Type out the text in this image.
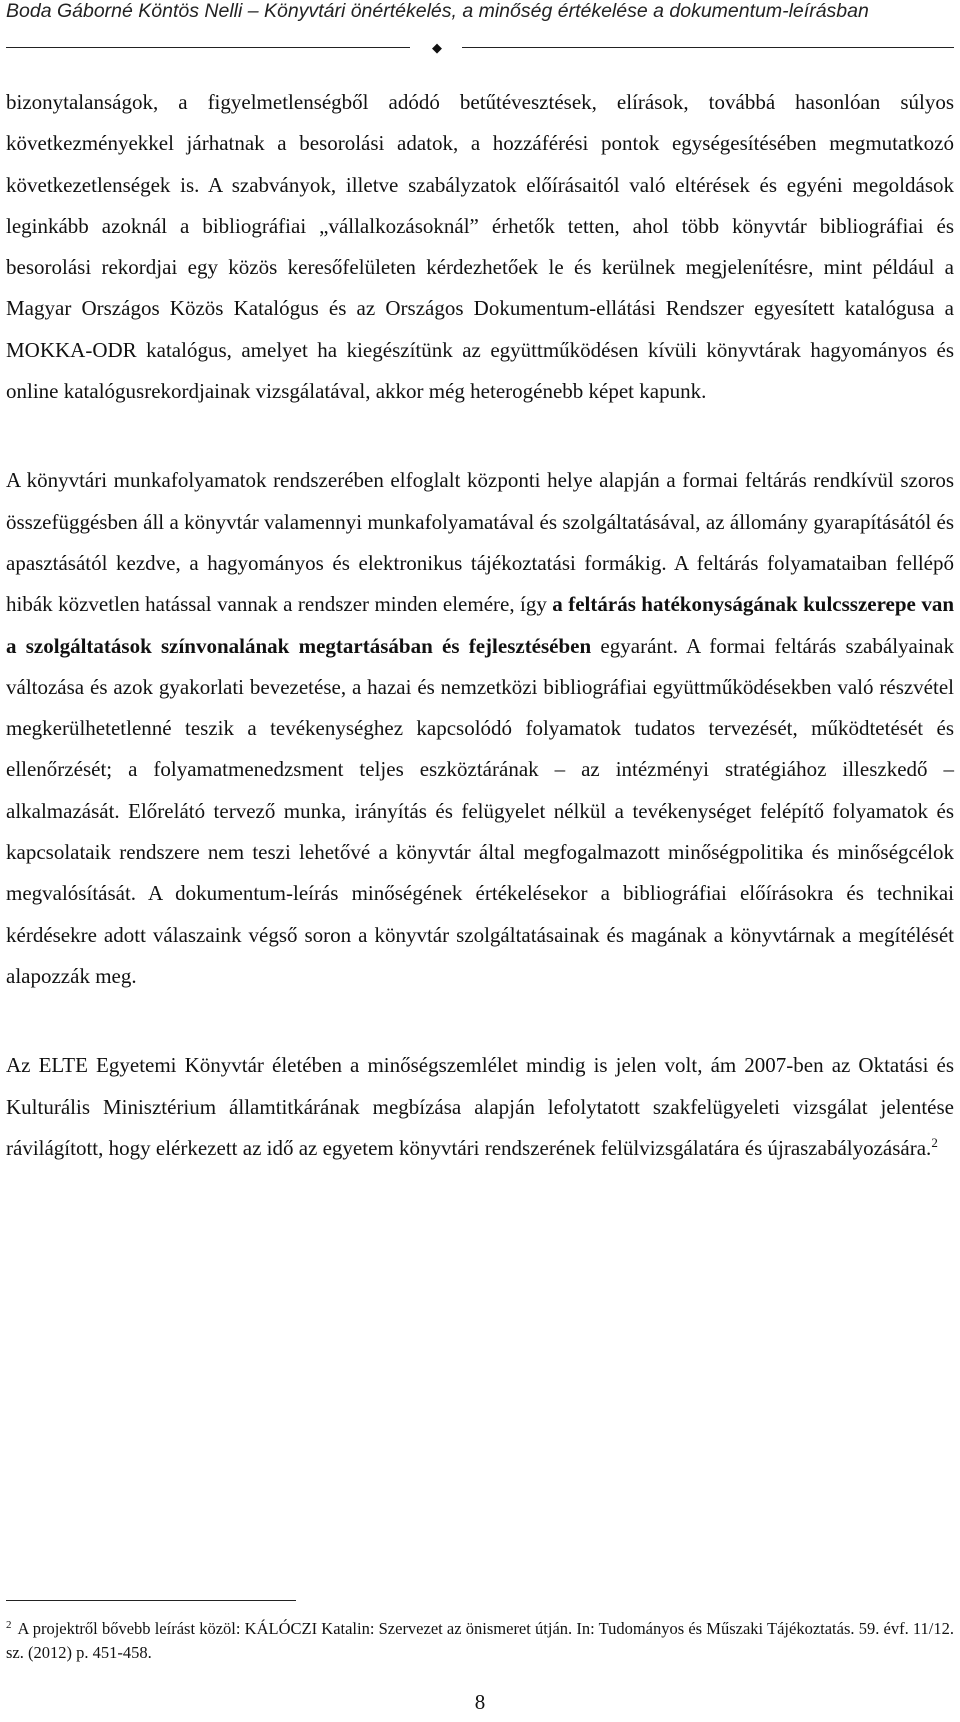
Boda Gáborné Köntös Nelli – Könyvtári önértékelés, a minőség értékelése a dokumentum-leírásban
◆

bizonytalanságok, a figyelmetlenségből adódó betűtévesztések, elírások, továbbá hasonlóan súlyos következményekkel járhatnak a besorolási adatok, a hozzáférési pontok egységesítésében megmutatkozó következetlenségek is. A szabványok, illetve szabályzatok előírásaitól való eltérések és egyéni megoldások leginkább azoknál a bibliográfiai „vállalkozásoknál” érhetők tetten, ahol több könyvtár bibliográfiai és besorolási rekordjai egy közös keresőfelületen kérdezhetőek le és kerülnek megjelenítésre, mint például a Magyar Országos Közös Katalógus és az Országos Dokumentum-ellátási Rendszer egyesített katalógusa a MOKKA-ODR katalógus, amelyet ha kiegészítünk az együttműködésen kívüli könyvtárak hagyományos és online katalógusrekordjainak vizsgálatával, akkor még heterogénebb képet kapunk.

A könyvtári munkafolyamatok rendszerében elfoglalt központi helye alapján a formai feltárás rendkívül szoros összefüggésben áll a könyvtár valamennyi munkafolyamatával és szolgáltatásával, az állomány gyarapításától és apasztásától kezdve, a hagyományos és elektronikus tájékoztatási formákig. A feltárás folyamataiban fellépő hibák közvetlen hatással vannak a rendszer minden elemére, így a feltárás hatékonyságának kulcsszerepe van a szolgáltatások színvonalának megtartásában és fejlesztésében egyaránt. A formai feltárás szabályainak változása és azok gyakorlati bevezetése, a hazai és nemzetközi bibliográfiai együttműködésekben való részvétel megkerülhetetlenné teszik a tevékenységhez kapcsolódó folyamatok tudatos tervezését, működtetését és ellenőrzését; a folyamatmenedzsment teljes eszköztárának – az intézményi stratégiához illeszkedő – alkalmazását. Előrelátó tervező munka, irányítás és felügyelet nélkül a tevékenységet felépítő folyamatok és kapcsolataik rendszere nem teszi lehetővé a könyvtár által megfogalmazott minőségpolitika és minőségcélok megvalósítását. A dokumentum-leírás minőségének értékelésekor a bibliográfiai előírásokra és technikai kérdésekre adott válaszaink végső soron a könyvtár szolgáltatásainak és magának a könyvtárnak a megítélését alapozzák meg.

Az ELTE Egyetemi Könyvtár életében a minőségszemlélet mindig is jelen volt, ám 2007-ben az Oktatási és Kulturális Minisztérium államtitkárának megbízása alapján lefolytatott szakfelügyeleti vizsgálat jelentése rávilágított, hogy elérkezett az idő az egyetem könyvtári rendszerének felülvizsgálatára és újraszabályozására.$^2$

$^2$ A projektről bővebb leírást közöl: KÁLÓCZI Katalin: Szervezet az önismeret útján. In: Tudományos és Műszaki Tájékoztatás. 59. évf. 11/12. sz. (2012) p. 451-458.
8
